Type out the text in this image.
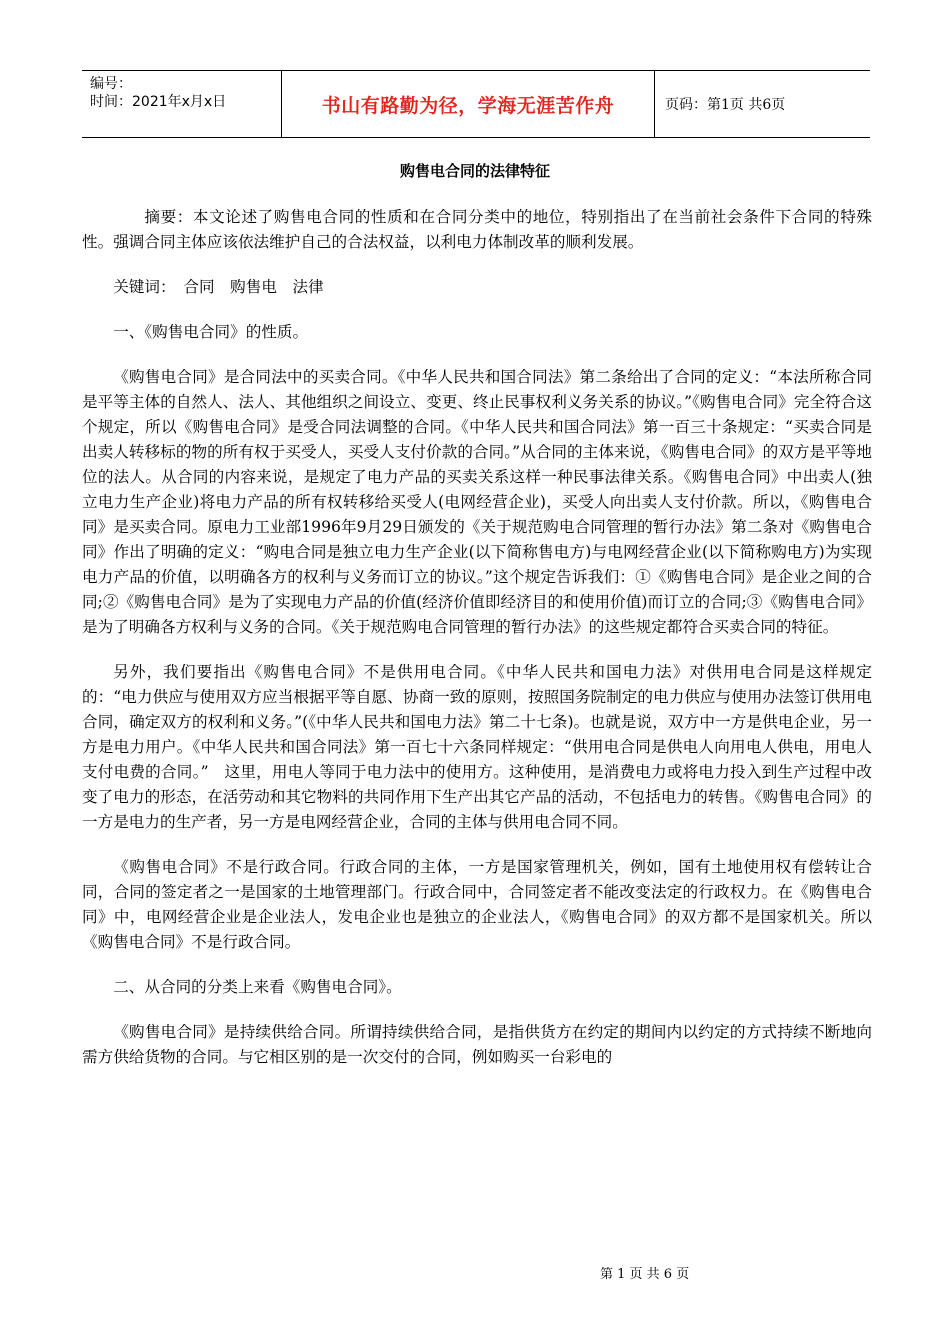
编号：
时间：2021年x月x日	书山有路勤为径，学海无涯苦作舟	页码：第1页 共6页
购售电合同的法律特征

摘要：本文论述了购售电合同的性质和在合同分类中的地位，特别指出了在当前社会条件下合同的特殊性。强调合同主体应该依法维护自己的合法权益，以利电力体制改革的顺利发展。

关键词：　合同　购售电　法律

一、《购售电合同》的性质。

《购售电合同》是合同法中的买卖合同。《中华人民共和国合同法》第二条给出了合同的定义：“本法所称合同是平等主体的自然人、法人、其他组织之间设立、变更、终止民事权利义务关系的协议。”《购售电合同》完全符合这个规定，所以《购售电合同》是受合同法调整的合同。《中华人民共和国合同法》第一百三十条规定：“买卖合同是出卖人转移标的物的所有权于买受人，买受人支付价款的合同。”从合同的主体来说，《购售电合同》的双方是平等地位的法人。从合同的内容来说，是规定了电力产品的买卖关系这样一种民事法律关系。《购售电合同》中出卖人(独立电力生产企业)将电力产品的所有权转移给买受人(电网经营企业)，买受人向出卖人支付价款。所以，《购售电合同》是买卖合同。原电力工业部1996年9月29日颁发的《关于规范购电合同管理的暂行办法》第二条对《购售电合同》作出了明确的定义：“购电合同是独立电力生产企业(以下简称售电方)与电网经营企业(以下简称购电方)为实现电力产品的价值，以明确各方的权利与义务而订立的协议。”这个规定告诉我们：①《购售电合同》是企业之间的合同;②《购售电合同》是为了实现电力产品的价值(经济价值即经济目的和使用价值)而订立的合同;③《购售电合同》是为了明确各方权利与义务的合同。《关于规范购电合同管理的暂行办法》的这些规定都符合买卖合同的特征。

另外，我们要指出《购售电合同》不是供用电合同。《中华人民共和国电力法》对供用电合同是这样规定的：“电力供应与使用双方应当根据平等自愿、协商一致的原则，按照国务院制定的电力供应与使用办法签订供用电合同，确定双方的权利和义务。”(《中华人民共和国电力法》第二十七条)。也就是说，双方中一方是供电企业，另一方是电力用户。《中华人民共和国合同法》第一百七十六条同样规定：“供用电合同是供电人向用电人供电，用电人支付电费的合同。”　这里，用电人等同于电力法中的使用方。这种使用，是消费电力或将电力投入到生产过程中改变了电力的形态，在活劳动和其它物料的共同作用下生产出其它产品的活动，不包括电力的转售。《购售电合同》的一方是电力的生产者，另一方是电网经营企业，合同的主体与供用电合同不同。

《购售电合同》不是行政合同。行政合同的主体，一方是国家管理机关，例如，国有土地使用权有偿转让合同，合同的签定者之一是国家的土地管理部门。行政合同中，合同签定者不能改变法定的行政权力。在《购售电合同》中，电网经营企业是企业法人，发电企业也是独立的企业法人，《购售电合同》的双方都不是国家机关。所以《购售电合同》不是行政合同。

二、从合同的分类上来看《购售电合同》。

《购售电合同》是持续供给合同。所谓持续供给合同，是指供货方在约定的期间内以约定的方式持续不断地向需方供给货物的合同。与它相区别的是一次交付的合同，例如购买一台彩电的

第 1 页 共 6 页
